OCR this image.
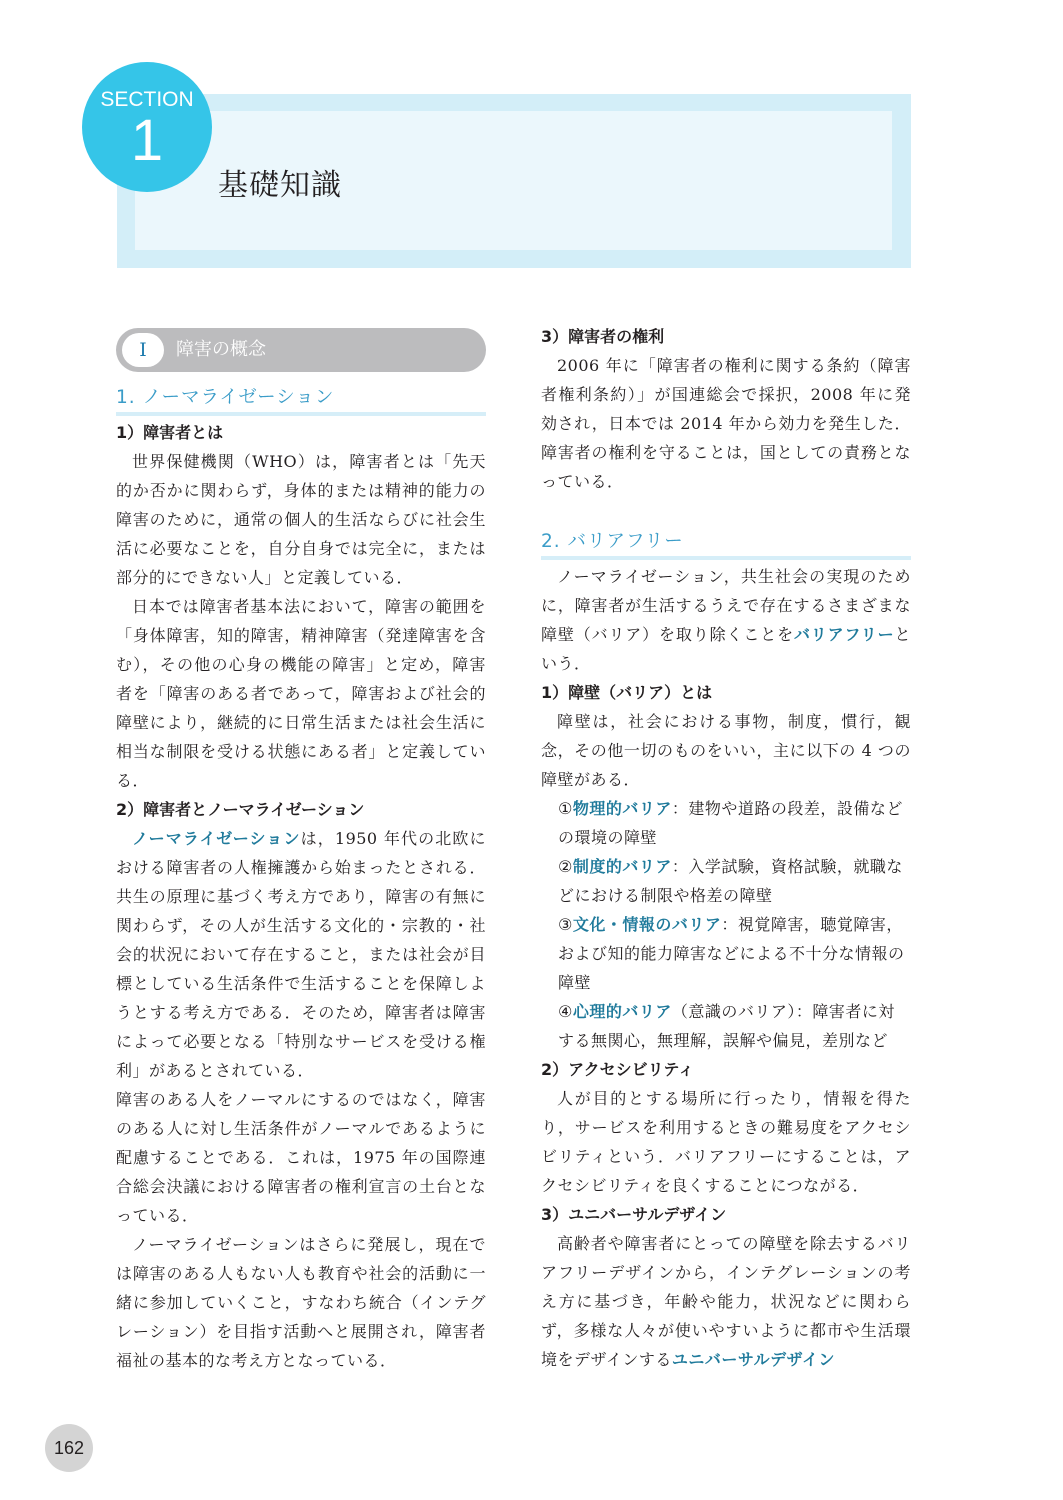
SECTION
1
基礎知識
I	障害の概念
1. ノーマライゼーション
1）障害者とは

世界保健機関（WHO）は，障害者とは「先天的か否かに関わらず，身体的または精神的能力の障害のために，通常の個人的生活ならびに社会生活に必要なことを，自分自身では完全に，または部分的にできない人」と定義している．

日本では障害者基本法において，障害の範囲を「身体障害，知的障害，精神障害（発達障害を含む），その他の心身の機能の障害」と定め，障害者を「障害のある者であって，障害および社会的障壁により，継続的に日常生活または社会生活に相当な制限を受ける状態にある者」と定義している．

2）障害者とノーマライゼーション

ノーマライゼーションは，1950 年代の北欧における障害者の人権擁護から始まったとされる．共生の原理に基づく考え方であり，障害の有無に関わらず，その人が生活する文化的・宗教的・社会的状況において存在すること，または社会が目標としている生活条件で生活することを保障しようとする考え方である．そのため，障害者は障害によって必要となる「特別なサービスを受ける権利」があるとされている．

障害のある人をノーマルにするのではなく，障害のある人に対し生活条件がノーマルであるように配慮することである．これは，1975 年の国際連合総会決議における障害者の権利宣言の土台となっている．

ノーマライゼーションはさらに発展し，現在では障害のある人もない人も教育や社会的活動に一緒に参加していくこと，すなわち統合（インテグレーション）を目指す活動へと展開され，障害者福祉の基本的な考え方となっている．

3）障害者の権利

2006 年に「障害者の権利に関する条約（障害者権利条約）」が国連総会で採択，2008 年に発効され，日本では 2014 年から効力を発生した．障害者の権利を守ることは，国としての責務となっている．

2. バリアフリー

ノーマライゼーション，共生社会の実現のために，障害者が生活するうえで存在するさまざまな障壁（バリア）を取り除くことをバリアフリーという．

1）障壁（バリア）とは

障壁は，社会における事物，制度，慣行，観念，その他一切のものをいい，主に以下の 4 つの障壁がある．

①物理的バリア：建物や道路の段差，設備などの環境の障壁

②制度的バリア：入学試験，資格試験，就職などにおける制限や格差の障壁

③文化・情報のバリア：視覚障害，聴覚障害，および知的能力障害などによる不十分な情報の障壁

④心理的バリア（意識のバリア）：障害者に対する無関心，無理解，誤解や偏見，差別など

2）アクセシビリティ

人が目的とする場所に行ったり，情報を得たり，サービスを利用するときの難易度をアクセシビリティという．バリアフリーにすることは，アクセシビリティを良くすることにつながる．

3）ユニバーサルデザイン

高齢者や障害者にとっての障壁を除去するバリアフリーデザインから，インテグレーションの考え方に基づき，年齢や能力，状況などに関わらず，多様な人々が使いやすいように都市や生活環境をデザインするユニバーサルデザイン

162
